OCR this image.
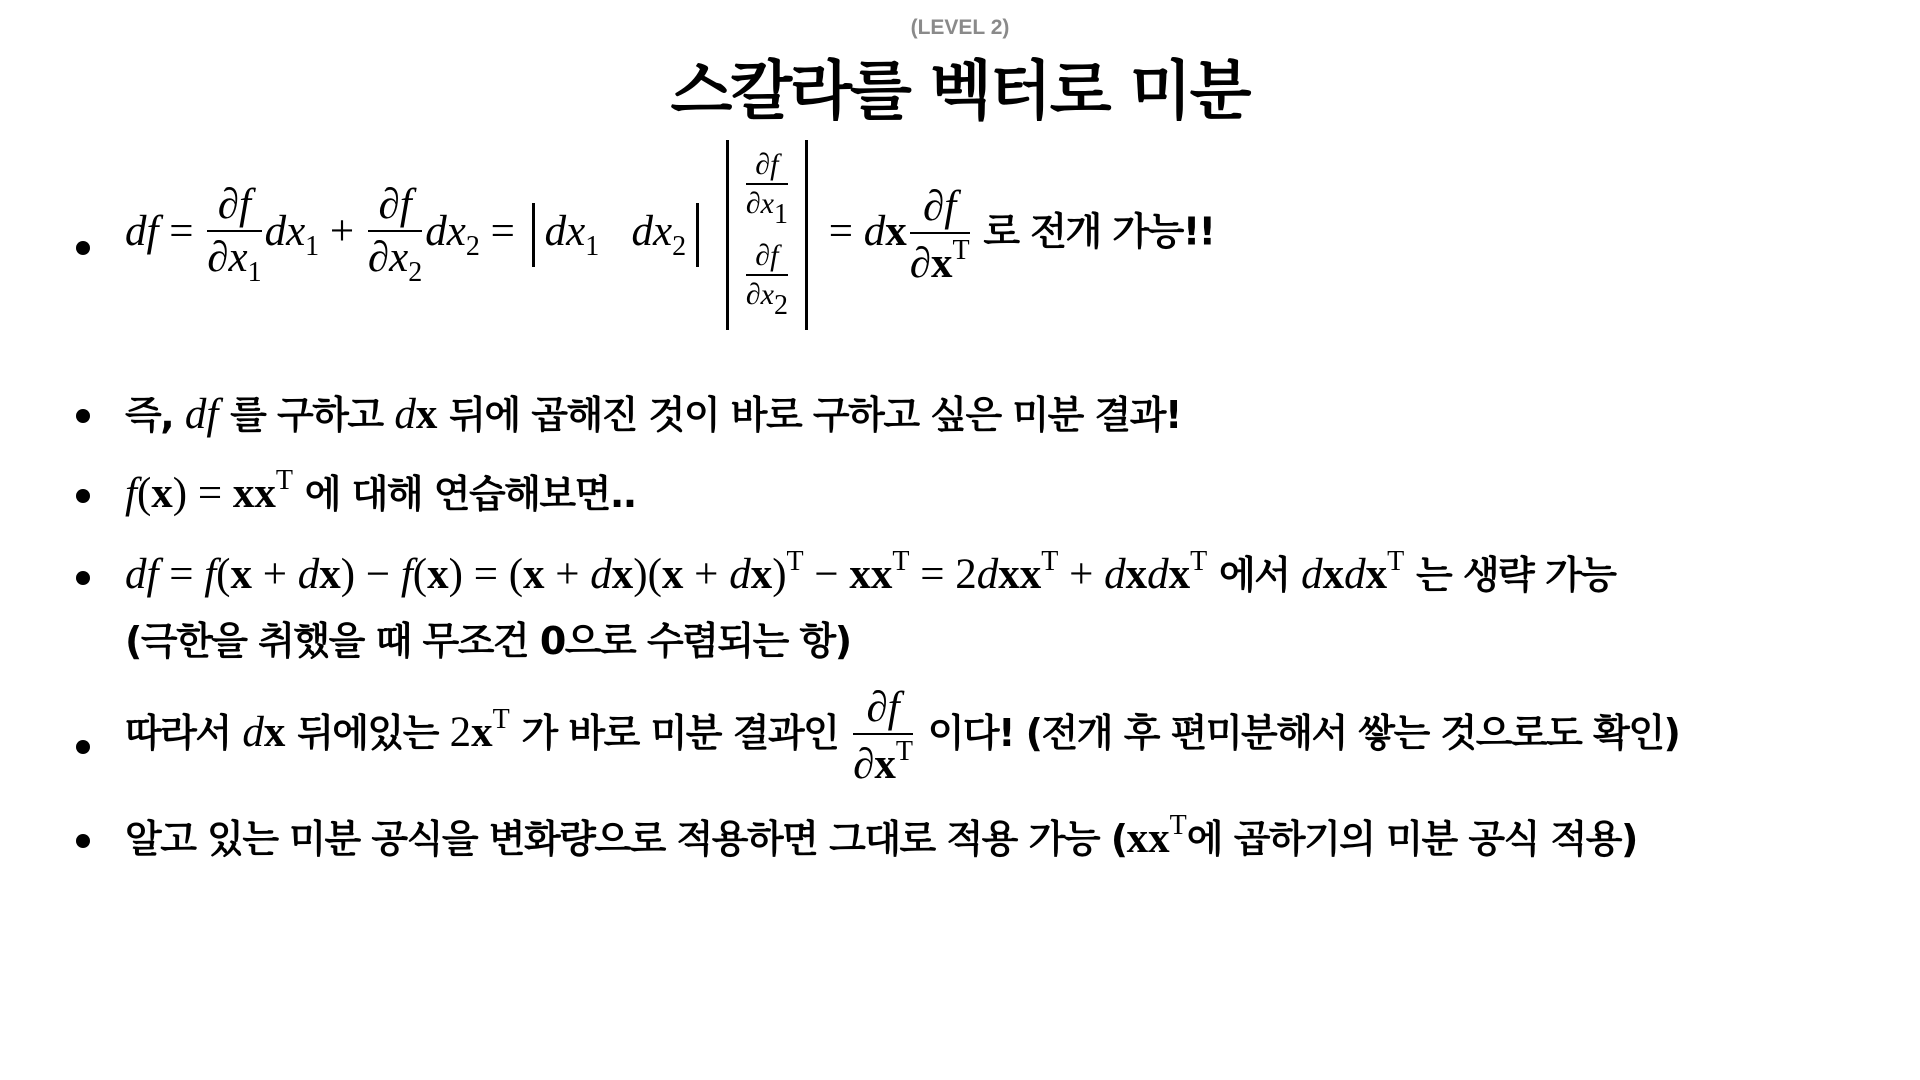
(LEVEL 2)
스칼라를 벡터로 미분
df = $\frac{\partial f}{\partial x_1} dx_1 + \frac{\partial f}{\partial x_2} dx_2 = dx_1$ $dx_2$
∂f
∂x1
∂f
∂x2
= dx $\frac{\partial f}{\partial x^T}$ 로 전개 가능!!
즉, df 를 구하고 dx 뒤에 곱해진 것이 바로 구하고 싶은 미분 결과!
$f(x) = xx^T$ 에 대해 연습해보면..
df = $f(x + dx) - f(x) = (x + dx)(x + dx)^T - xx^T = 2dxx^T$ + dxdx$^T$ 에서 dxdx$^T$ 는 생략 가능
(극한을 취했을 때 무조건 0으로 수렴되는 항)
따라서 dx 뒤에있는 $2x^T$ 가 바로 미분 결과인 $\frac{\partial f}{\partial x^T}$ 이다! (전개 후 편미분해서 쌓는 것으로도 확인)
알고 있는 미분 공식을 변화량으로 적용하면 그대로 적용 가능 ($xx^T$에 곱하기의 미분 공식 적용)
